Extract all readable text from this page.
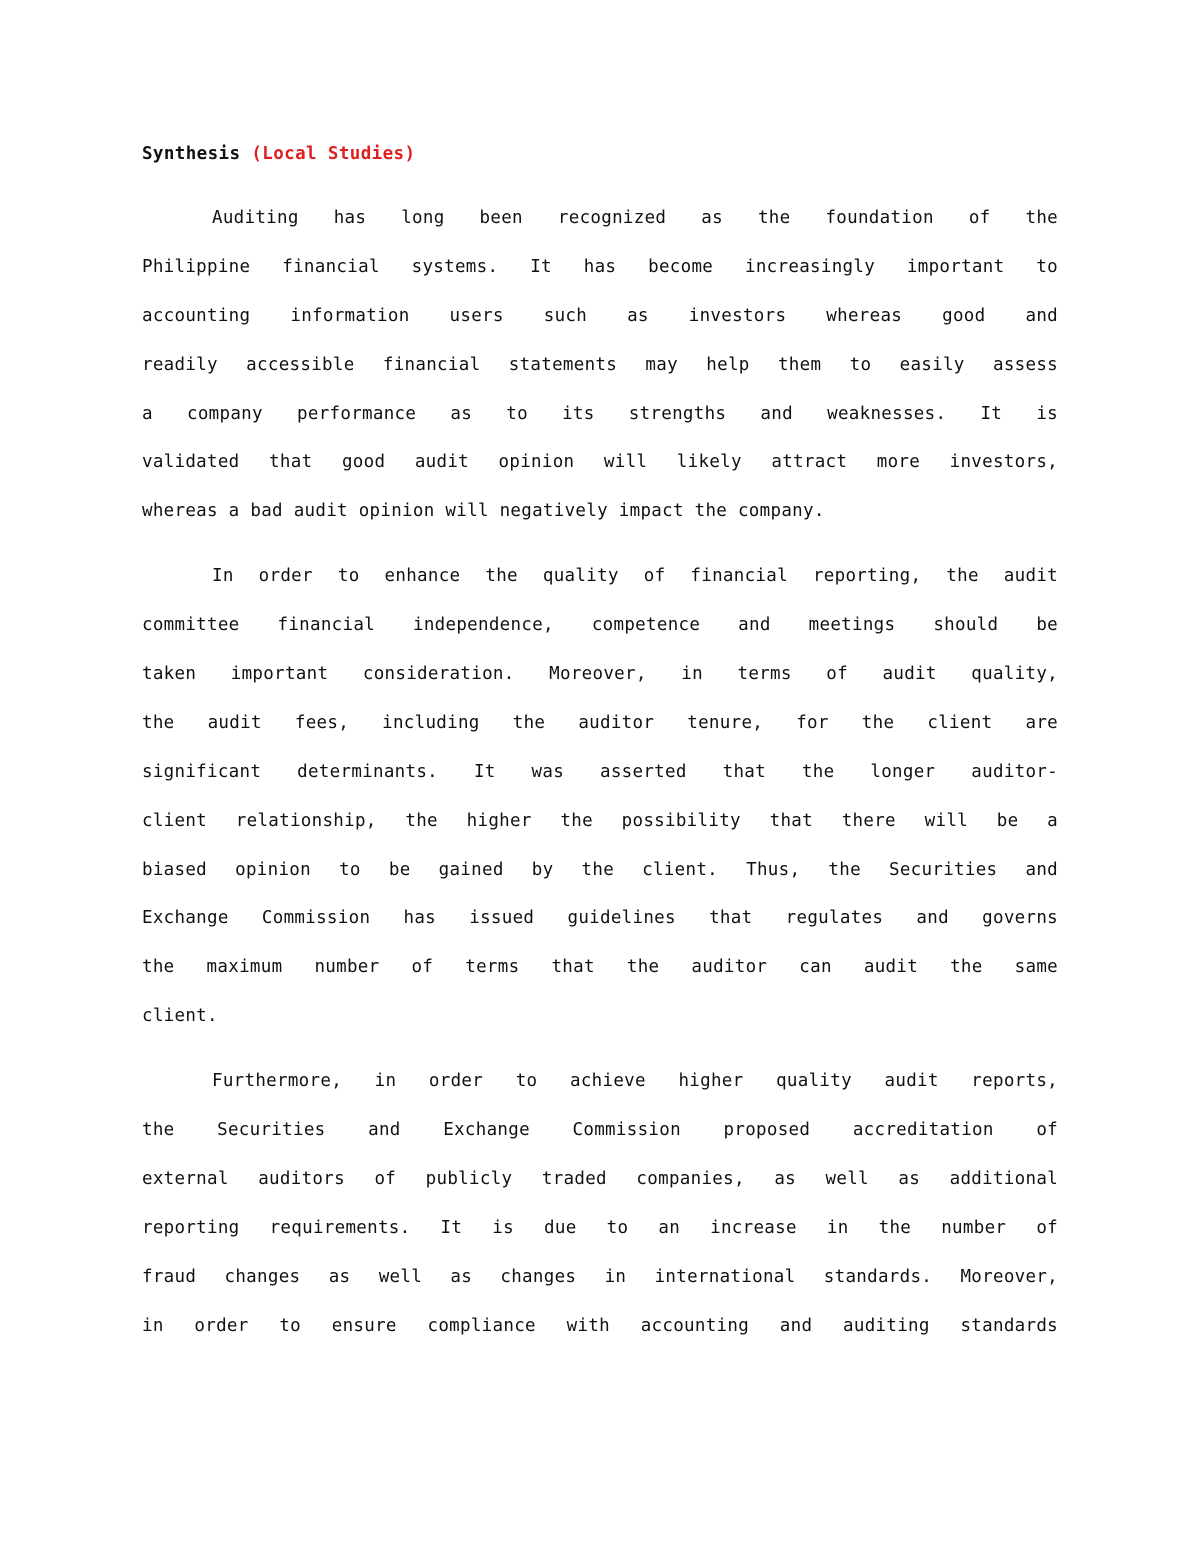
Synthesis (Local Studies)
Auditing has long been recognized as the foundation of the
Philippine financial systems. It has become increasingly important to
accounting information users such as investors whereas good and
readily accessible financial statements may help them to easily assess
a company performance as to its strengths and weaknesses. It is
validated that good audit opinion will likely attract more investors,
whereas a bad audit opinion will negatively impact the company.
In order to enhance the quality of financial reporting, the audit
committee financial independence, competence and meetings should be
taken important consideration. Moreover, in terms of audit quality,
the audit fees, including the auditor tenure, for the client are
significant determinants. It was asserted that the longer auditor-
client relationship, the higher the possibility that there will be a
biased opinion to be gained by the client. Thus, the Securities and
Exchange Commission has issued guidelines that regulates and governs
the maximum number of terms that the auditor can audit the same
client.
Furthermore, in order to achieve higher quality audit reports,
the Securities and Exchange Commission proposed accreditation of
external auditors of publicly traded companies, as well as additional
reporting requirements. It is due to an increase in the number of
fraud changes as well as changes in international standards. Moreover,
in order to ensure compliance with accounting and auditing standards
